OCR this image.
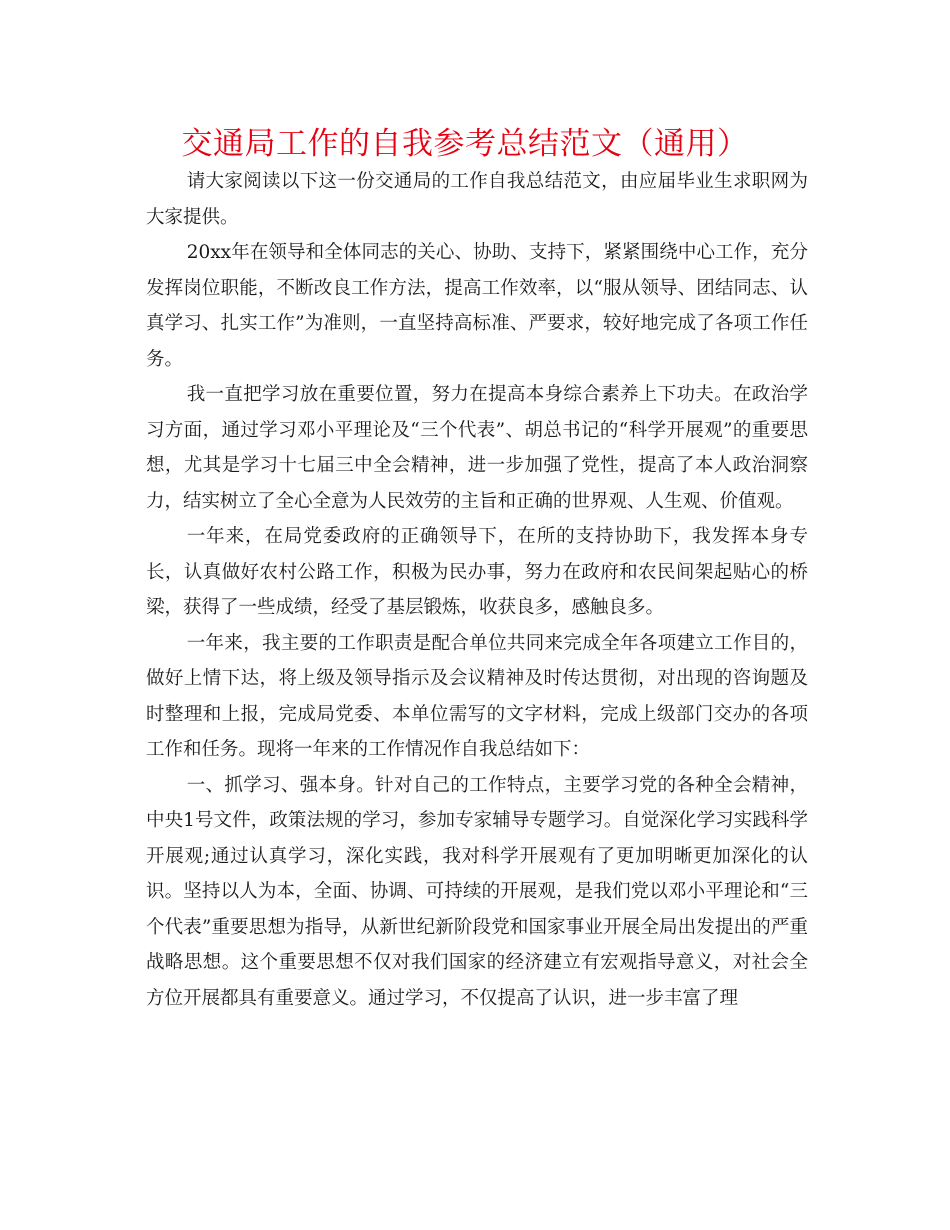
交通局工作的自我参考总结范文（通用）

请大家阅读以下这一份交通局的工作自我总结范文，由应届毕业生求职网为大家提供。

20xx年在领导和全体同志的关心、协助、支持下，紧紧围绕中心工作，充分发挥岗位职能，不断改良工作方法，提高工作效率，以“服从领导、团结同志、认真学习、扎实工作”为准则，一直坚持高标准、严要求，较好地完成了各项工作任务。

我一直把学习放在重要位置，努力在提高本身综合素养上下功夫。在政治学习方面，通过学习邓小平理论及“三个代表”、胡总书记的“科学开展观”的重要思想，尤其是学习十七届三中全会精神，进一步加强了党性，提高了本人政治洞察力，结实树立了全心全意为人民效劳的主旨和正确的世界观、人生观、价值观。

一年来，在局党委政府的正确领导下，在所的支持协助下，我发挥本身专长，认真做好农村公路工作，积极为民办事，努力在政府和农民间架起贴心的桥梁，获得了一些成绩，经受了基层锻炼，收获良多，感触良多。

一年来，我主要的工作职责是配合单位共同来完成全年各项建立工作目的，做好上情下达，将上级及领导指示及会议精神及时传达贯彻，对出现的咨询题及时整理和上报，完成局党委、本单位需写的文字材料，完成上级部门交办的各项工作和任务。现将一年来的工作情况作自我总结如下：

一、抓学习、强本身。针对自己的工作特点，主要学习党的各种全会精神，中央1号文件，政策法规的学习，参加专家辅导专题学习。自觉深化学习实践科学开展观;通过认真学习，深化实践，我对科学开展观有了更加明晰更加深化的认识。坚持以人为本，全面、协调、可持续的开展观，是我们党以邓小平理论和“三个代表”重要思想为指导，从新世纪新阶段党和国家事业开展全局出发提出的严重战略思想。这个重要思想不仅对我们国家的经济建立有宏观指导意义，对社会全方位开展都具有重要意义。通过学习，不仅提高了认识，进一步丰富了理
